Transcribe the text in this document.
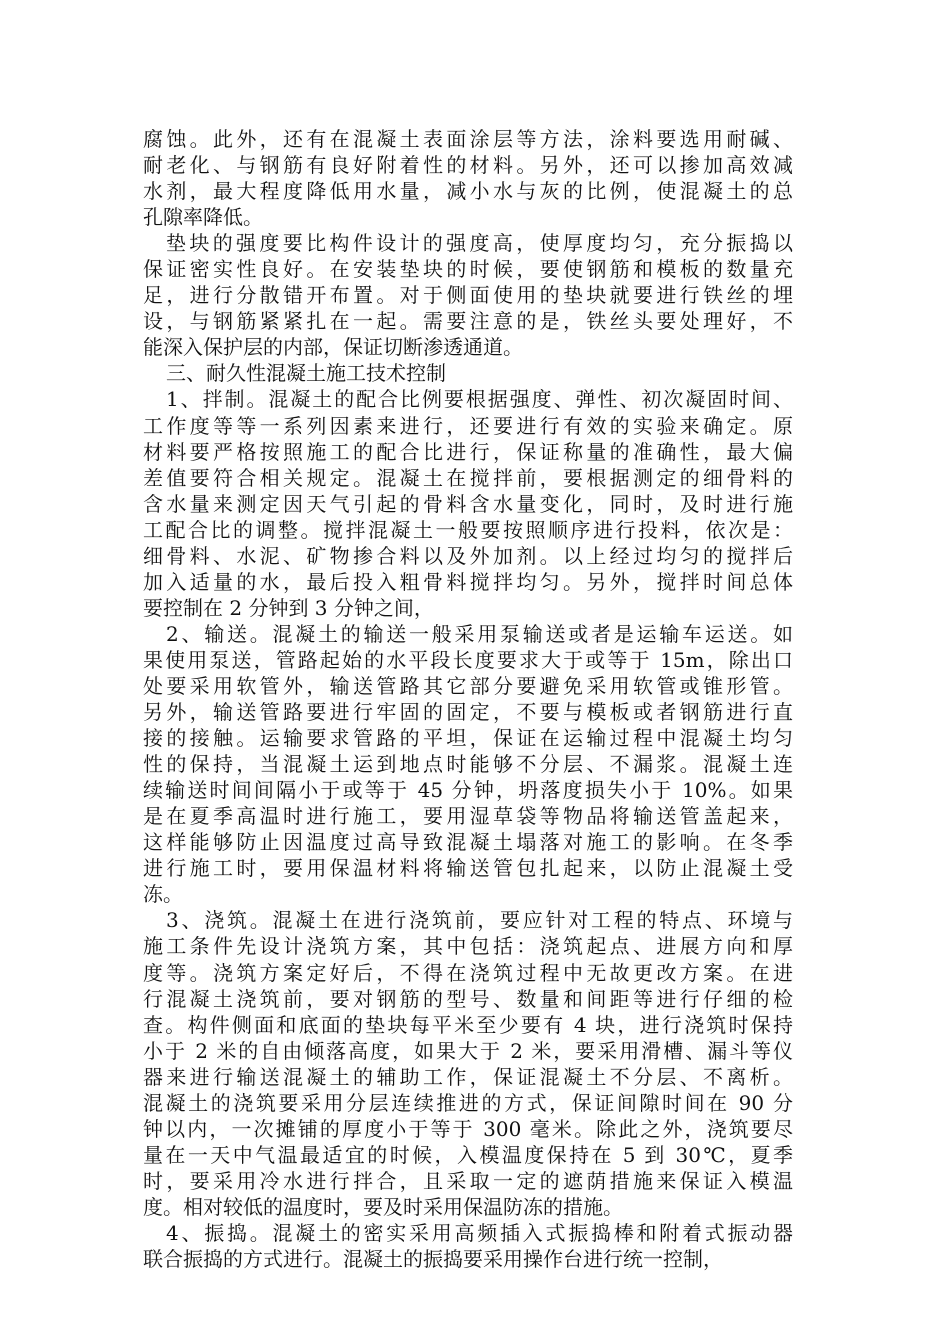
腐蚀。此外，还有在混凝土表面涂层等方法，涂料要选用耐碱、
耐老化、与钢筋有良好附着性的材料。另外，还可以掺加高效减
水剂，最大程度降低用水量，减小水与灰的比例，使混凝土的总
孔隙率降低。
垫块的强度要比构件设计的强度高，使厚度均匀，充分振捣以
保证密实性良好。在安装垫块的时候，要使钢筋和模板的数量充
足，进行分散错开布置。对于侧面使用的垫块就要进行铁丝的埋
设，与钢筋紧紧扎在一起。需要注意的是，铁丝头要处理好，不
能深入保护层的内部，保证切断渗透通道。
三、耐久性混凝土施工技术控制
1、拌制。混凝土的配合比例要根据强度、弹性、初次凝固时间、
工作度等等一系列因素来进行，还要进行有效的实验来确定。原
材料要严格按照施工的配合比进行，保证称量的准确性，最大偏
差值要符合相关规定。混凝土在搅拌前，要根据测定的细骨料的
含水量来测定因天气引起的骨料含水量变化，同时，及时进行施
工配合比的调整。搅拌混凝土一般要按照顺序进行投料，依次是：
细骨料、水泥、矿物掺合料以及外加剂。以上经过均匀的搅拌后
加入适量的水，最后投入粗骨料搅拌均匀。另外，搅拌时间总体
要控制在 2 分钟到 3 分钟之间，
2、输送。混凝土的输送一般采用泵输送或者是运输车运送。如
果使用泵送，管路起始的水平段长度要求大于或等于 15m，除出口
处要采用软管外，输送管路其它部分要避免采用软管或锥形管。
另外，输送管路要进行牢固的固定，不要与模板或者钢筋进行直
接的接触。运输要求管路的平坦，保证在运输过程中混凝土均匀
性的保持，当混凝土运到地点时能够不分层、不漏浆。混凝土连
续输送时间间隔小于或等于 45 分钟，坍落度损失小于 10%。如果
是在夏季高温时进行施工，要用湿草袋等物品将输送管盖起来，
这样能够防止因温度过高导致混凝土塌落对施工的影响。在冬季
进行施工时，要用保温材料将输送管包扎起来，以防止混凝土受
冻。
3、浇筑。混凝土在进行浇筑前，要应针对工程的特点、环境与
施工条件先设计浇筑方案，其中包括：浇筑起点、进展方向和厚
度等。浇筑方案定好后，不得在浇筑过程中无故更改方案。在进
行混凝土浇筑前，要对钢筋的型号、数量和间距等进行仔细的检
查。构件侧面和底面的垫块每平米至少要有 4 块，进行浇筑时保持
小于 2 米的自由倾落高度，如果大于 2 米，要采用滑槽、漏斗等仪
器来进行输送混凝土的辅助工作，保证混凝土不分层、不离析。
混凝土的浇筑要采用分层连续推进的方式，保证间隙时间在 90 分
钟以内，一次摊铺的厚度小于等于 300 毫米。除此之外，浇筑要尽
量在一天中气温最适宜的时候，入模温度保持在 5 到 30℃，夏季
时，要采用冷水进行拌合，且采取一定的遮荫措施来保证入模温
度。相对较低的温度时，要及时采用保温防冻的措施。
4、振捣。混凝土的密实采用高频插入式振捣棒和附着式振动器
联合振捣的方式进行。混凝土的振捣要采用操作台进行统一控制，
